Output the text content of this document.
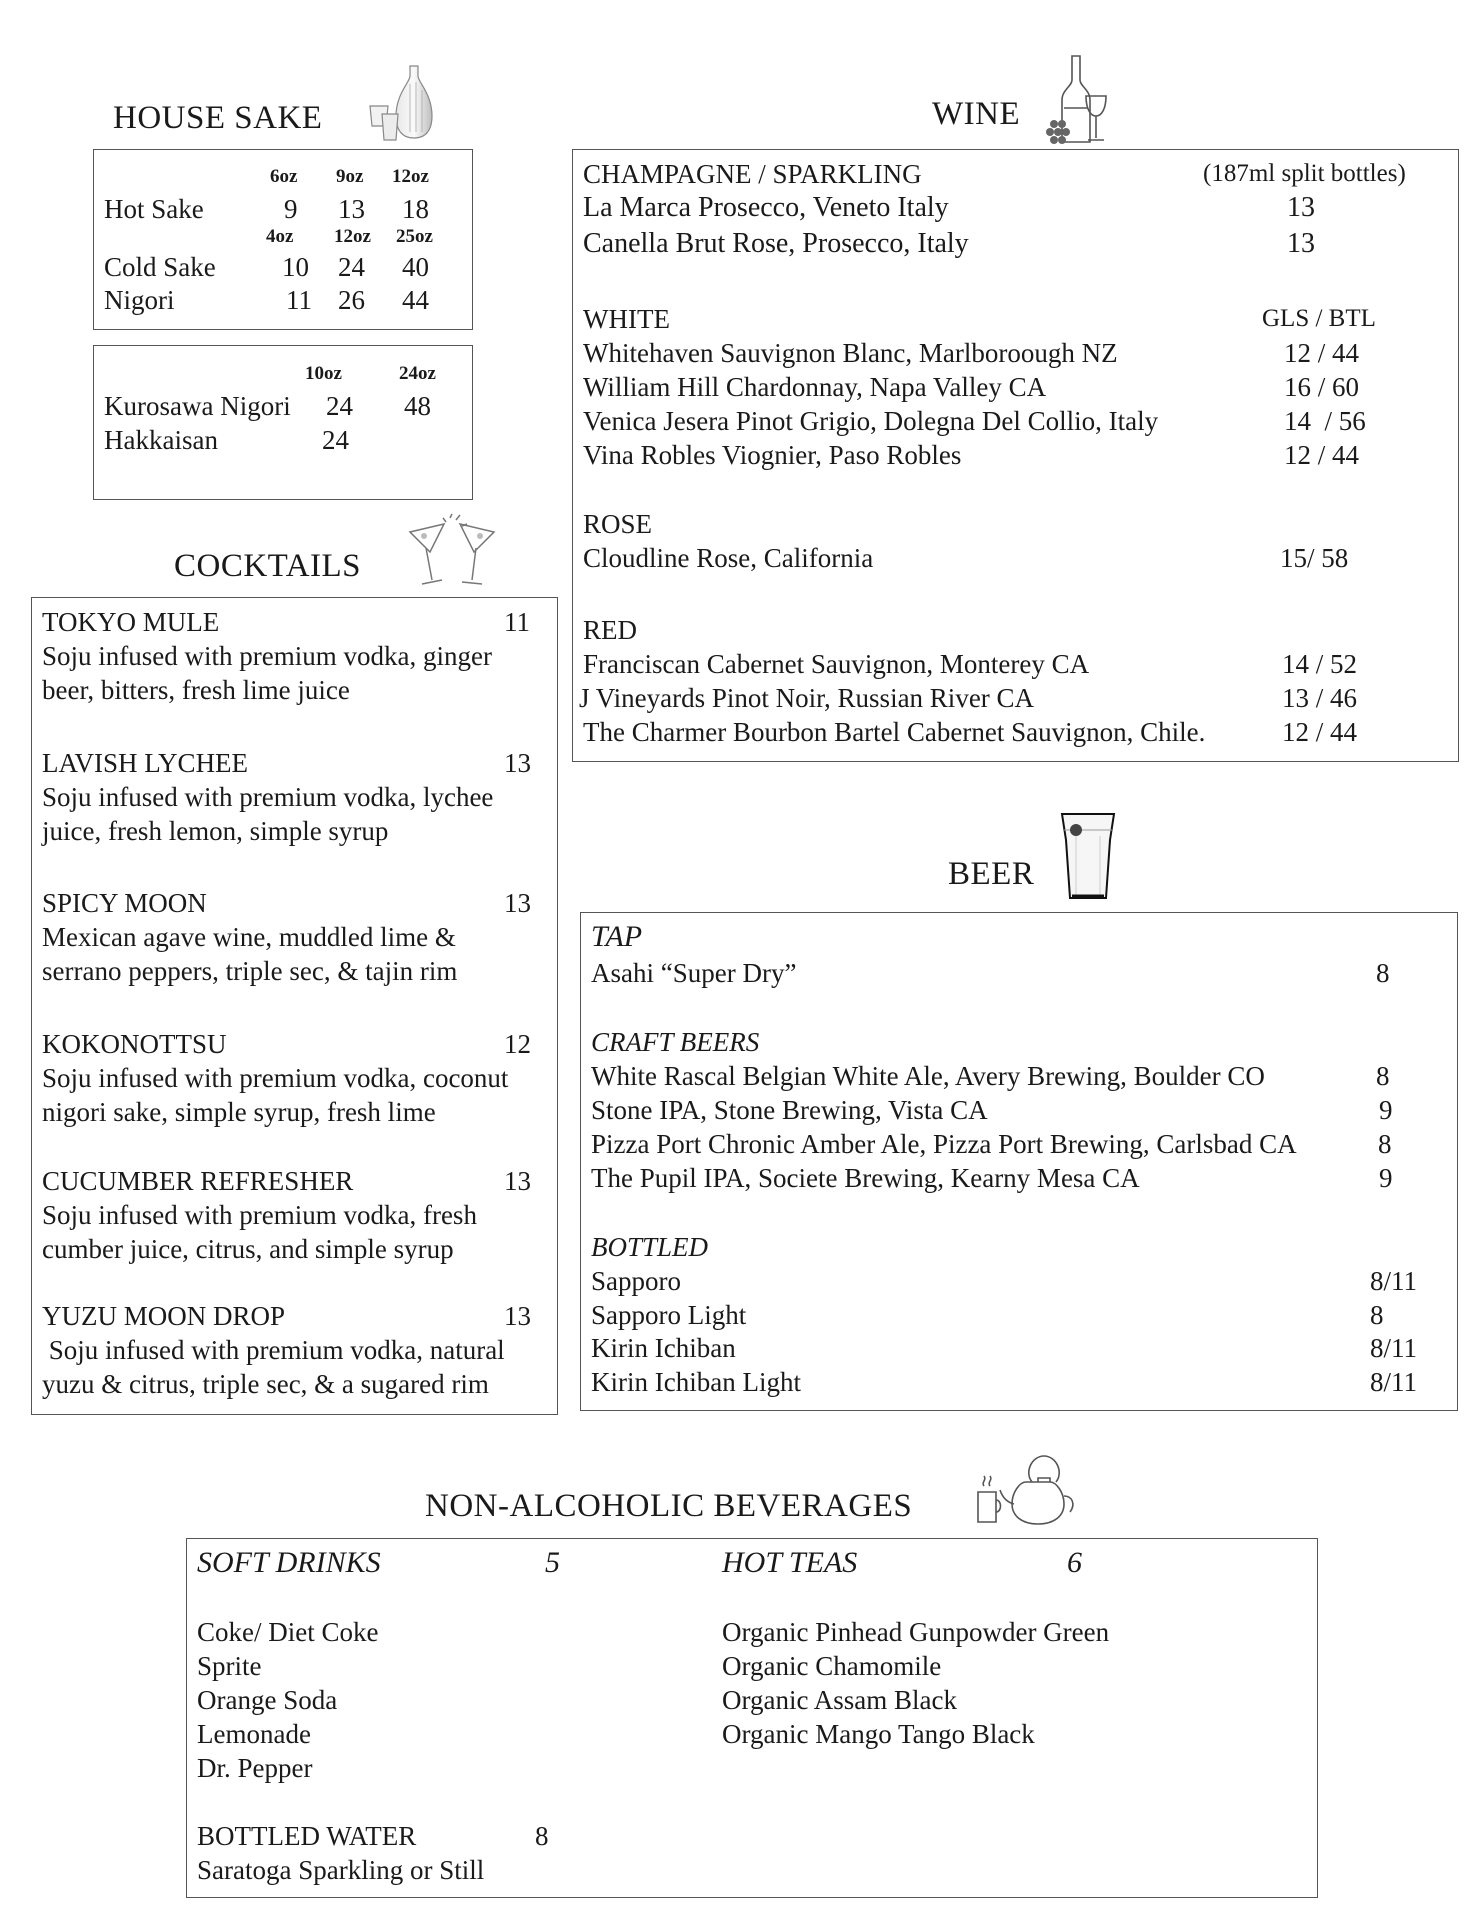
HOUSE SAKE
6oz 9oz 12oz
Hot Sake	9 13 18
4oz 12oz 25oz
Cold Sake 10 24 40
Nigori	11 26 44
10oz	24oz
Kurosawa Nigori 24 48
Hakkaisan	24
COCKTAILS
TOKYO MULE	11
Soju infused with premium vodka, ginger
beer, bitters, fresh lime juice
LAVISH LYCHEE	13
Soju infused with premium vodka, lychee
juice, fresh lemon, simple syrup
SPICY MOON	13
Mexican agave wine, muddled lime &
serrano peppers, triple sec, & tajin rim
KOKONOTTSU	12
Soju infused with premium vodka, coconut
nigori sake, simple syrup, fresh lime
CUCUMBER REFRESHER	13
Soju infused with premium vodka, fresh
cumber juice, citrus, and simple syrup
YUZU MOON DROP	13
Soju infused with premium vodka, natural
yuzu & citrus, triple sec, & a sugared rim
WINE
CHAMPAGNE / SPARKLING	(187ml split bottles)
La Marca Prosecco, Veneto Italy	13
Canella Brut Rose, Prosecco, Italy	13
WHITE	GLS / BTL
Whitehaven Sauvignon Blanc, Marlboroough NZ	12 / 44
William Hill Chardonnay, Napa Valley CA	16 / 60
Venica Jesera Pinot Grigio, Dolegna Del Collio, Italy	14  / 56
Vina Robles Viognier, Paso Robles	12 / 44
ROSE
Cloudline Rose, California	15/ 58
RED
Franciscan Cabernet Sauvignon, Monterey CA	14 / 52
J Vineyards Pinot Noir, Russian River CA	13 / 46
The Charmer Bourbon Bartel Cabernet Sauvignon, Chile.	12 / 44
BEER
TAP
Asahi “Super Dry”	8
CRAFT BEERS
White Rascal Belgian White Ale, Avery Brewing, Boulder CO	8
Stone IPA, Stone Brewing, Vista CA	9
Pizza Port Chronic Amber Ale, Pizza Port Brewing, Carlsbad CA	8
The Pupil IPA, Societe Brewing, Kearny Mesa CA	9
BOTTLED
Sapporo	8/11
Sapporo Light	8
Kirin Ichiban	8/11
Kirin Ichiban Light	8/11
NON-ALCOHOLIC BEVERAGES
SOFT DRINKS	5
Coke/ Diet Coke
Sprite
Orange Soda
Lemonade
Dr. Pepper
BOTTLED WATER	8
Saratoga Sparkling or Still
HOT TEAS	6
Organic Pinhead Gunpowder Green
Organic Chamomile
Organic Assam Black
Organic Mango Tango Black
